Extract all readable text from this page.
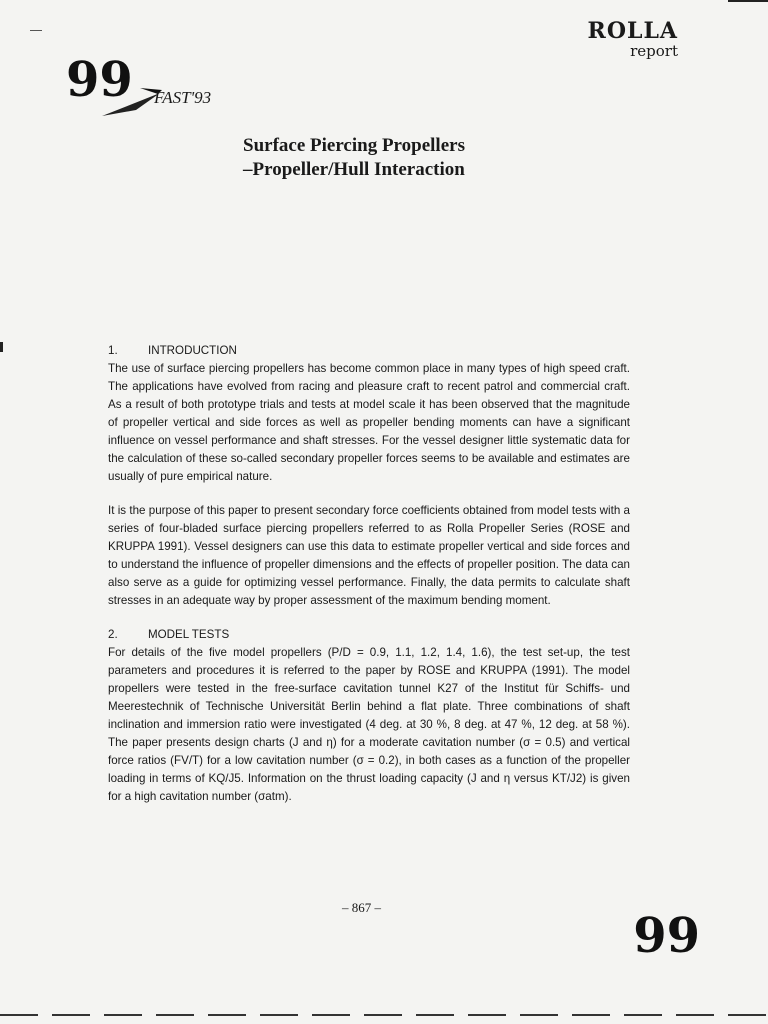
ROLLA
report
99 FAST'93
Surface Piercing Propellers
–Propeller/Hull Interaction
1.	INTRODUCTION

The use of surface piercing propellers has become common place in many types of high speed craft. The applications have evolved from racing and pleasure craft to recent patrol and commercial craft. As a result of both prototype trials and tests at model scale it has been observed that the magnitude of propeller vertical and side forces as well as propeller bending moments can have a significant influence on vessel performance and shaft stresses. For the vessel designer little systematic data for the calculation of these so-called secondary propeller forces seems to be available and estimates are usually of pure empirical nature.

It is the purpose of this paper to present secondary force coefficients obtained from model tests with a series of four-bladed surface piercing propellers referred to as Rolla Propeller Series (ROSE and KRUPPA 1991). Vessel designers can use this data to estimate propeller vertical and side forces and to understand the influence of propeller dimensions and the effects of propeller position. The data can also serve as a guide for optimizing vessel performance. Finally, the data permits to calculate shaft stresses in an adequate way by proper assessment of the maximum bending moment.

2.	MODEL TESTS

For details of the five model propellers (P/D = 0.9, 1.1, 1.2, 1.4, 1.6), the test set-up, the test parameters and procedures it is referred to the paper by ROSE and KRUPPA (1991). The model propellers were tested in the free-surface cavitation tunnel K27 of the Institut für Schiffs- und Meerestechnik of Technische Universität Berlin behind a flat plate. Three combinations of shaft inclination and immersion ratio were investigated (4 deg. at 30 %, 8 deg. at 47 %, 12 deg. at 58 %). The paper presents design charts (J and η) for a moderate cavitation number (σ = 0.5) and vertical force ratios (FV/T) for a low cavitation number (σ = 0.2), in both cases as a function of the propeller loading in terms of KQ/J5. Information on the thrust loading capacity (J and η versus KT/J2) is given for a high cavitation number (σatm).

– 867 –
99
